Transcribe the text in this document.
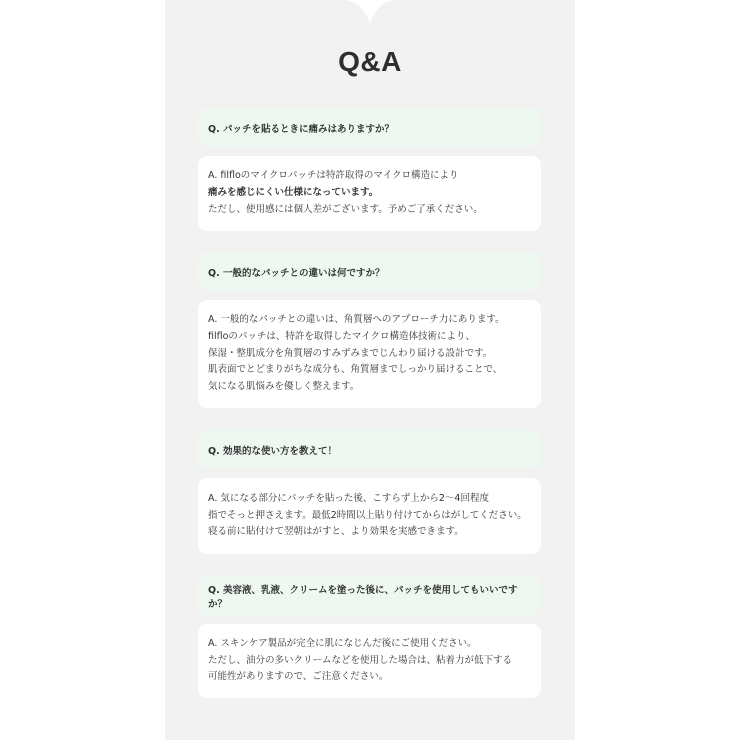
Q&A
Q. パッチを貼るときに痛みはありますか？
A. filfloのマイクロパッチは特許取得のマイクロ構造により
痛みを感じにくい仕様になっています。
ただし、使用感には個人差がございます。予めご了承ください。
Q. 一般的なパッチとの違いは何ですか？
A. 一般的なパッチとの違いは、角質層へのアプローチ力にあります。
filfloのパッチは、特許を取得したマイクロ構造体技術により、
保湿・整肌成分を角質層のすみずみまでじんわり届ける設計です。
肌表面でとどまりがちな成分も、角質層までしっかり届けることで、
気になる肌悩みを優しく整えます。
Q. 効果的な使い方を教えて！
A. 気になる部分にパッチを貼った後、こすらず上から2〜4回程度
指でそっと押さえます。最低2時間以上貼り付けてからはがしてください。
寝る前に貼付けて翌朝はがすと、より効果を実感できます。
Q. 美容液、乳液、クリームを塗った後に、パッチを使用してもいいですか？
A. スキンケア製品が完全に肌になじんだ後にご使用ください。
ただし、油分の多いクリームなどを使用した場合は、粘着力が低下する
可能性がありますので、ご注意ください。
